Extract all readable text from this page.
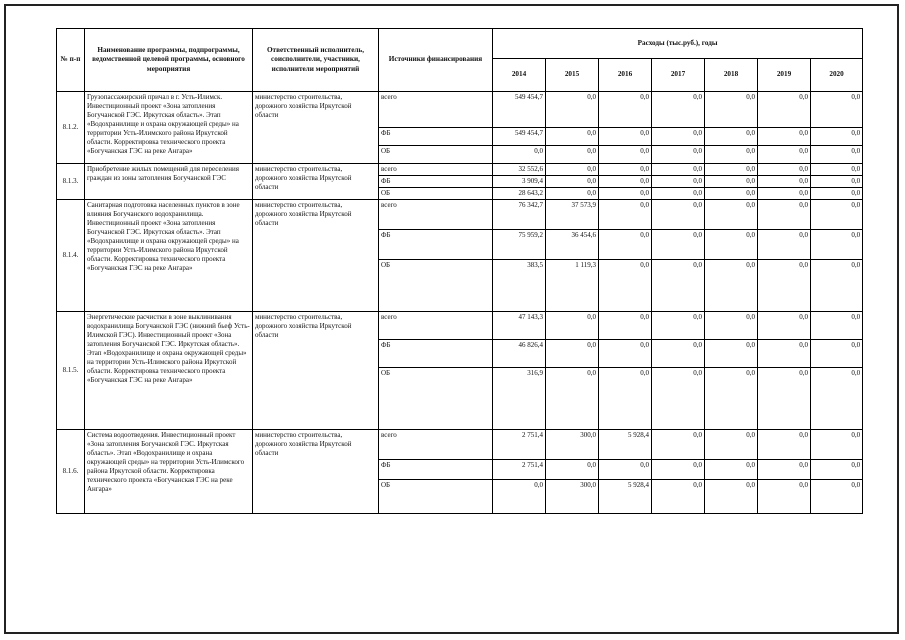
№ п-п	Наименование программы, подпрограммы, ведомственной целевой программы, основного мероприятия	Ответственный исполнитель, соисполнители, участники, исполнители мероприятий	Источники финансирования	Расходы (тыс.руб.), годы						
				2014	2015	2016	2017	2018	2019	2020
8.1.2.	Грузопассажирский причал в г. Усть-Илимск. Инвестиционный проект «Зона затопления Богучанской ГЭС. Иркутская область». Этап «Водохранилище и охрана окружающей среды» на территории Усть-Илимского района Иркутской области. Корректировка технического проекта «Богучанская ГЭС на реке Ангара»	министерство строительства, дорожного хозяйства Иркутской области	всего	549 454,7	0,0	0,0	0,0	0,0	0,0	0,0
			ФБ	549 454,7	0,0	0,0	0,0	0,0	0,0	0,0
			ОБ	0,0	0,0	0,0	0,0	0,0	0,0	0,0
8.1.3.	Приобретение жилых помещений для переселения граждан из зоны затопления Богучанской ГЭС	министерство строительства, дорожного хозяйства Иркутской области	всего	32 552,6	0,0	0,0	0,0	0,0	0,0	0,0
			ФБ	3 909,4	0,0	0,0	0,0	0,0	0,0	0,0
			ОБ	28 643,2	0,0	0,0	0,0	0,0	0,0	0,0
8.1.4.	Санитарная подготовка населенных пунктов в зоне влияния Богучанского водохранилища. Инвестиционный проект «Зона затопления Богучанской ГЭС. Иркутская область». Этап «Водохранилище и охрана окружающей среды» на территории Усть-Илимского района Иркутской области. Корректировка технического проекта «Богучанская ГЭС на реке Ангара»	министерство строительства, дорожного хозяйства Иркутской области	всего	76 342,7	37 573,9	0,0	0,0	0,0	0,0	0,0
			ФБ	75 959,2	36 454,6	0,0	0,0	0,0	0,0	0,0
			ОБ	383,5	1 119,3	0,0	0,0	0,0	0,0	0,0
8.1.5.	Энергетические расчистки в зоне выклинивания водохранилища Богучанской ГЭС (нижний бьеф Усть-Илимской ГЭС). Инвестиционный проект «Зона затопления Богучанской ГЭС. Иркутская область». Этап «Водохранилище и охрана окружающей среды» на территории Усть-Илимского района Иркутской области. Корректировка технического проекта «Богучанская ГЭС на реке Ангара»	министерство строительства, дорожного хозяйства Иркутской области	всего	47 143,3	0,0	0,0	0,0	0,0	0,0	0,0
			ФБ	46 826,4	0,0	0,0	0,0	0,0	0,0	0,0
			ОБ	316,9	0,0	0,0	0,0	0,0	0,0	0,0
8.1.6.	Система водоотведения. Инвестиционный проект «Зона затопления Богучанской ГЭС. Иркутская область». Этап «Водохранилище и охрана окружающей среды» на территории Усть-Илимского района Иркутской области. Корректировка технического проекта «Богучанская ГЭС на реке Ангара»	министерство строительства, дорожного хозяйства Иркутской области	всего	2 751,4	300,0	5 928,4	0,0	0,0	0,0	0,0
			ФБ	2 751,4	0,0	0,0	0,0	0,0	0,0	0,0
			ОБ	0,0	300,0	5 928,4	0,0	0,0	0,0	0,0
